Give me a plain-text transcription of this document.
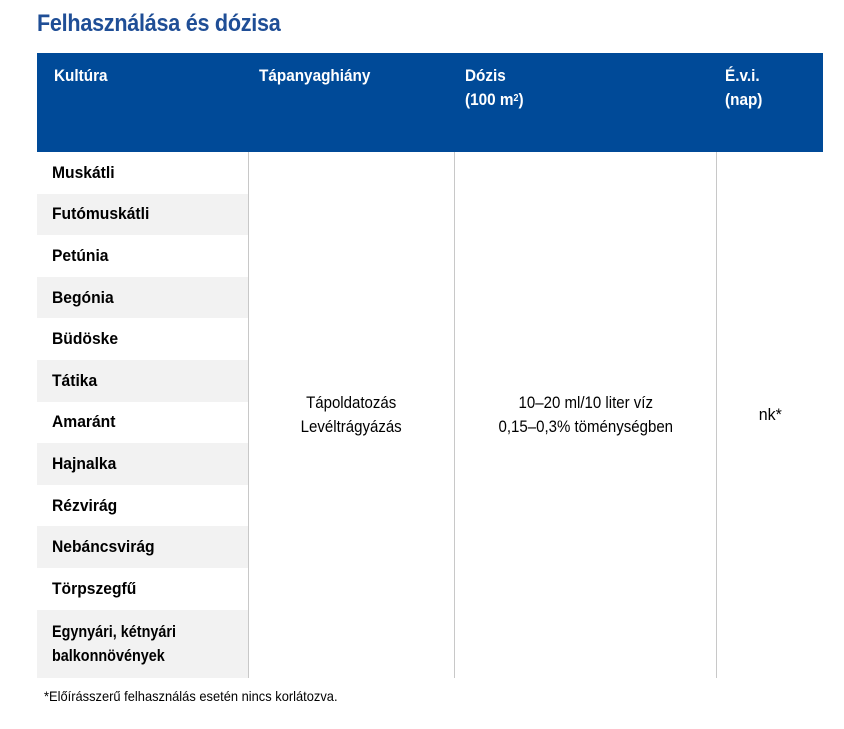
Felhasználása és dózisa
Kultúra	Tápanyaghiány	Dózis
(100 $m^2$)
É.v.i.
(nap)
Muskátli
Futómuskátli
Petúnia
Begónia
Büdöske
Tátika
Amaránt
Hajnalka
Rézvirág
Nebáncsvirág
Törpszegfű
Egynyári, kétnyári
balkonnövények
Tápoldatozás
Levéltrágyázás
10–20 ml/10 liter víz
0,15–0,3% töménységben
nk*
*Előírásszerű felhasználás esetén nincs korlátozva.
